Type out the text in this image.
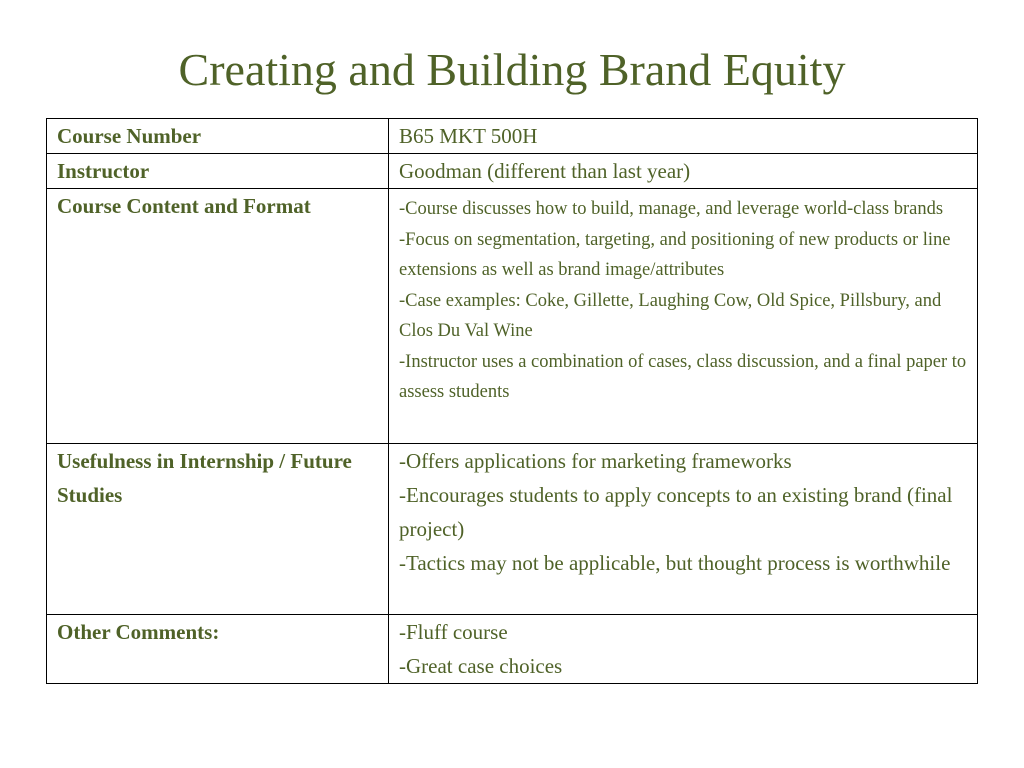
Creating and Building Brand Equity
Course Number	B65 MKT 500H

Instructor	Goodman (different than last year)

Course Content and Format	-Course discusses how to build, manage, and leverage world-class brands
-Focus on segmentation, targeting, and positioning of new products or line extensions as well as brand image/attributes
-Case examples: Coke, Gillette, Laughing Cow, Old Spice, Pillsbury, and Clos Du Val Wine
-Instructor uses a combination of cases, class discussion, and a final paper to assess students

Usefulness in Internship / Future Studies	-Offers applications for marketing frameworks
-Encourages students to apply concepts to an existing brand (final project)
-Tactics may not be applicable, but thought process is worthwhile

Other Comments:	-Fluff course
-Great case choices
